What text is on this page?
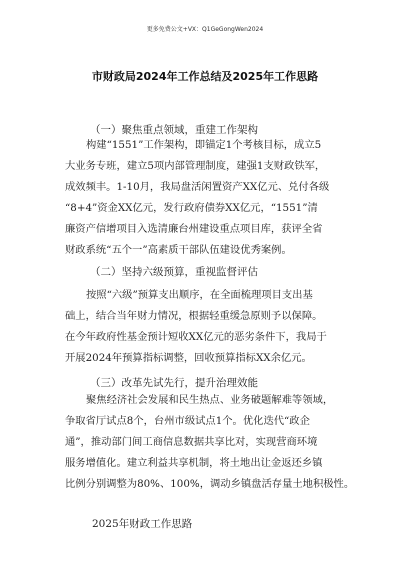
更多免费公文+VX：Q1GeGongWen2024
市财政局2024年工作总结及2025年工作思路
（一）聚焦重点领域，重建工作架构
构建“1551”工作架构，即锚定1个考核目标，成立5
大业务专班，建立5项内部管理制度，建强1支财政铁军，
成效频丰。1-10月，我局盘活闲置资产XX亿元、兑付各级
“8+4”资金XX亿元，发行政府债券XX亿元，“1551”清
廉资产信增项目入选清廉台州建设重点项目库，获评全省
财政系统“五个一”高素质干部队伍建设优秀案例。
（二）坚持六级预算，重视监督评估
按照“六级”预算支出顺序，在全面梳理项目支出基
础上，结合当年财力情况，根据轻重缓急原则予以保障。
在今年政府性基金预计短收XX亿元的恶劣条件下，我局于
开展2024年预算指标调整，回收预算指标XX余亿元。
（三）改革先试先行，提升治理效能
聚焦经济社会发展和民生热点、业务破题解难等领域，
争取省厅试点8个，台州市级试点1个。优化迭代“政企
通”，推动部门间工商信息数据共享比对，实现营商环境
服务增值化。建立利益共享机制，将土地出让金返还乡镇
比例分别调整为80%、100%，调动乡镇盘活存量土地积极性。
2025年财政工作思路
